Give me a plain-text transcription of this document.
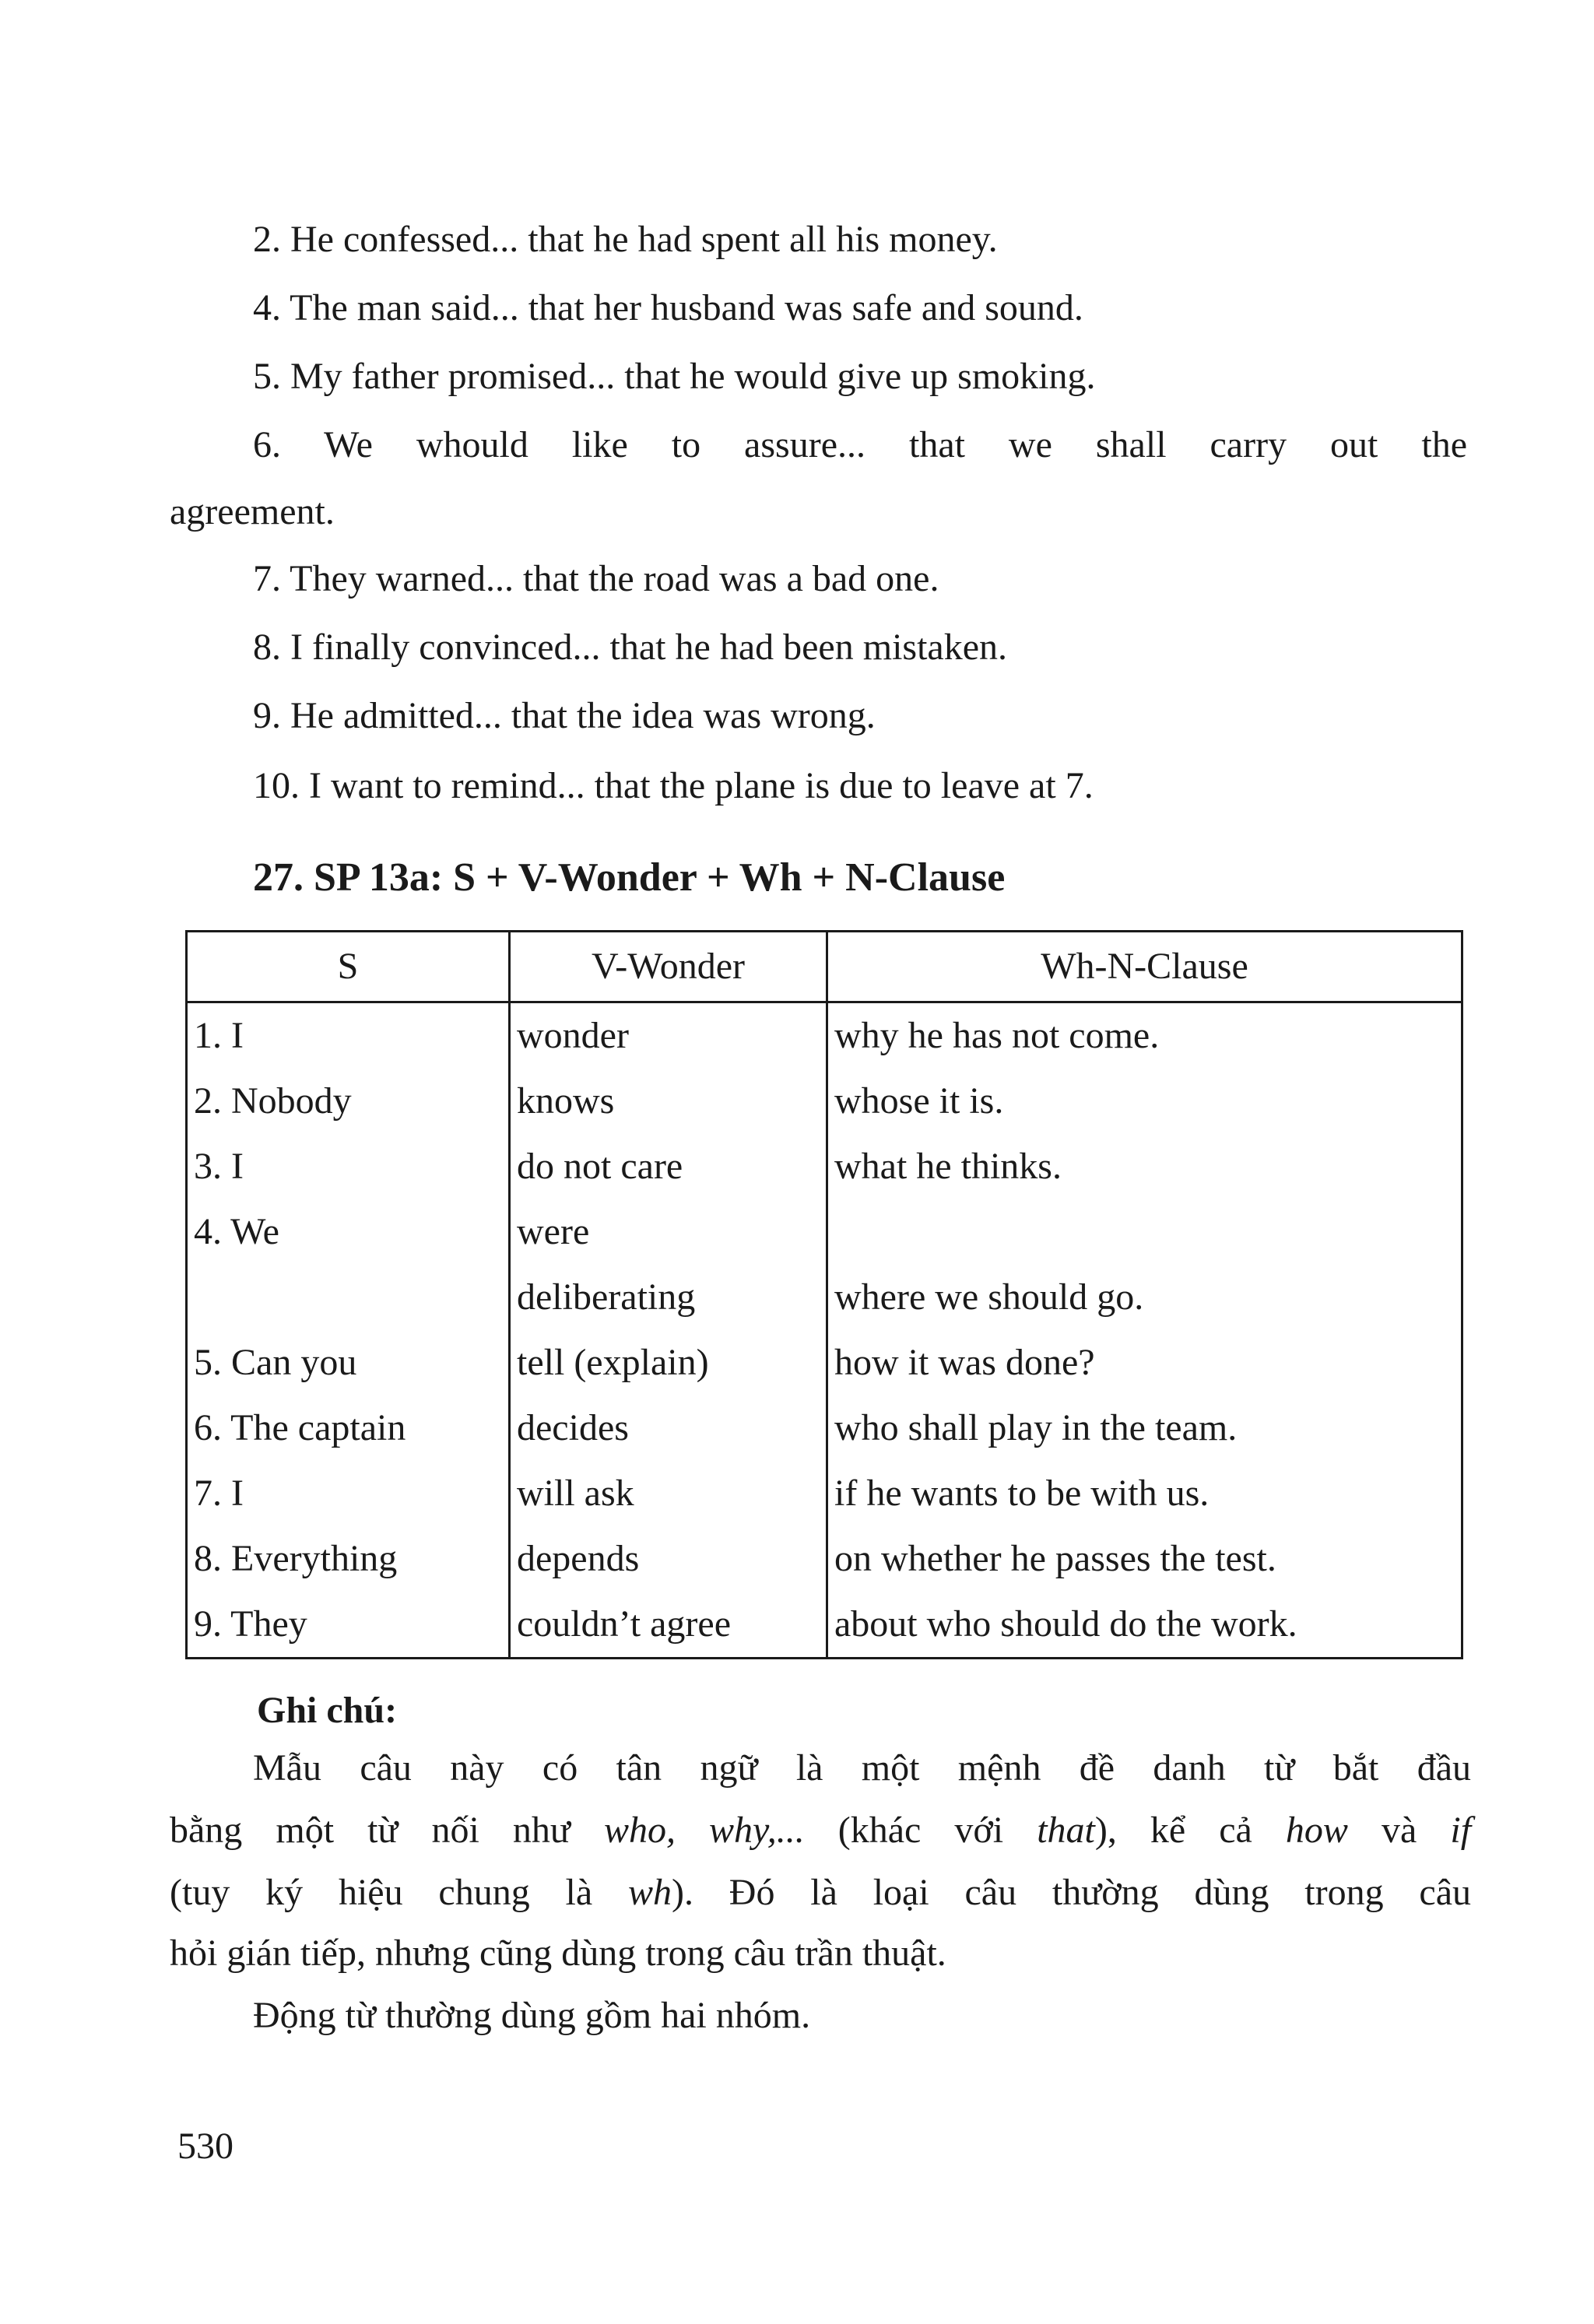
2. He confessed... that he had spent all his money.
4. The man said... that her husband was safe and sound.
5. My father promised... that he would give up smoking.
6. We whould like to assure... that we shall carry out the
agreement.
7. They warned... that the road was a bad one.
8. I finally convinced... that he had been mistaken.
9. He admitted... that the idea was wrong.
10. I want to remind... that the plane is due to leave at 7.
27. SP 13a: S + V-Wonder + Wh + N-Clause
S	V-Wonder	Wh-N-Clause
1. I	wonder	why he has not come.
2. Nobody	knows	whose it is.
3. I	do not care	what he thinks.
4. We	were	
	deliberating	where we should go.
5. Can you	tell (explain)	how it was done?
6. The captain	decides	who shall play in the team.
7. I	will ask	if he wants to be with us.
8. Everything	depends	on whether he passes the test.
9. They	couldn’t agree	about who should do the work.
Ghi chú:
Mẫu câu này có tân ngữ là một mệnh đề danh từ bắt đầu
bằng một từ nối như who, why,... (khác với that), kể cả how và if
(tuy ký hiệu chung là wh). Đó là loại câu thường dùng trong câu
hỏi gián tiếp, nhưng cũng dùng trong câu trần thuật.
Động từ thường dùng gồm hai nhóm.
530
